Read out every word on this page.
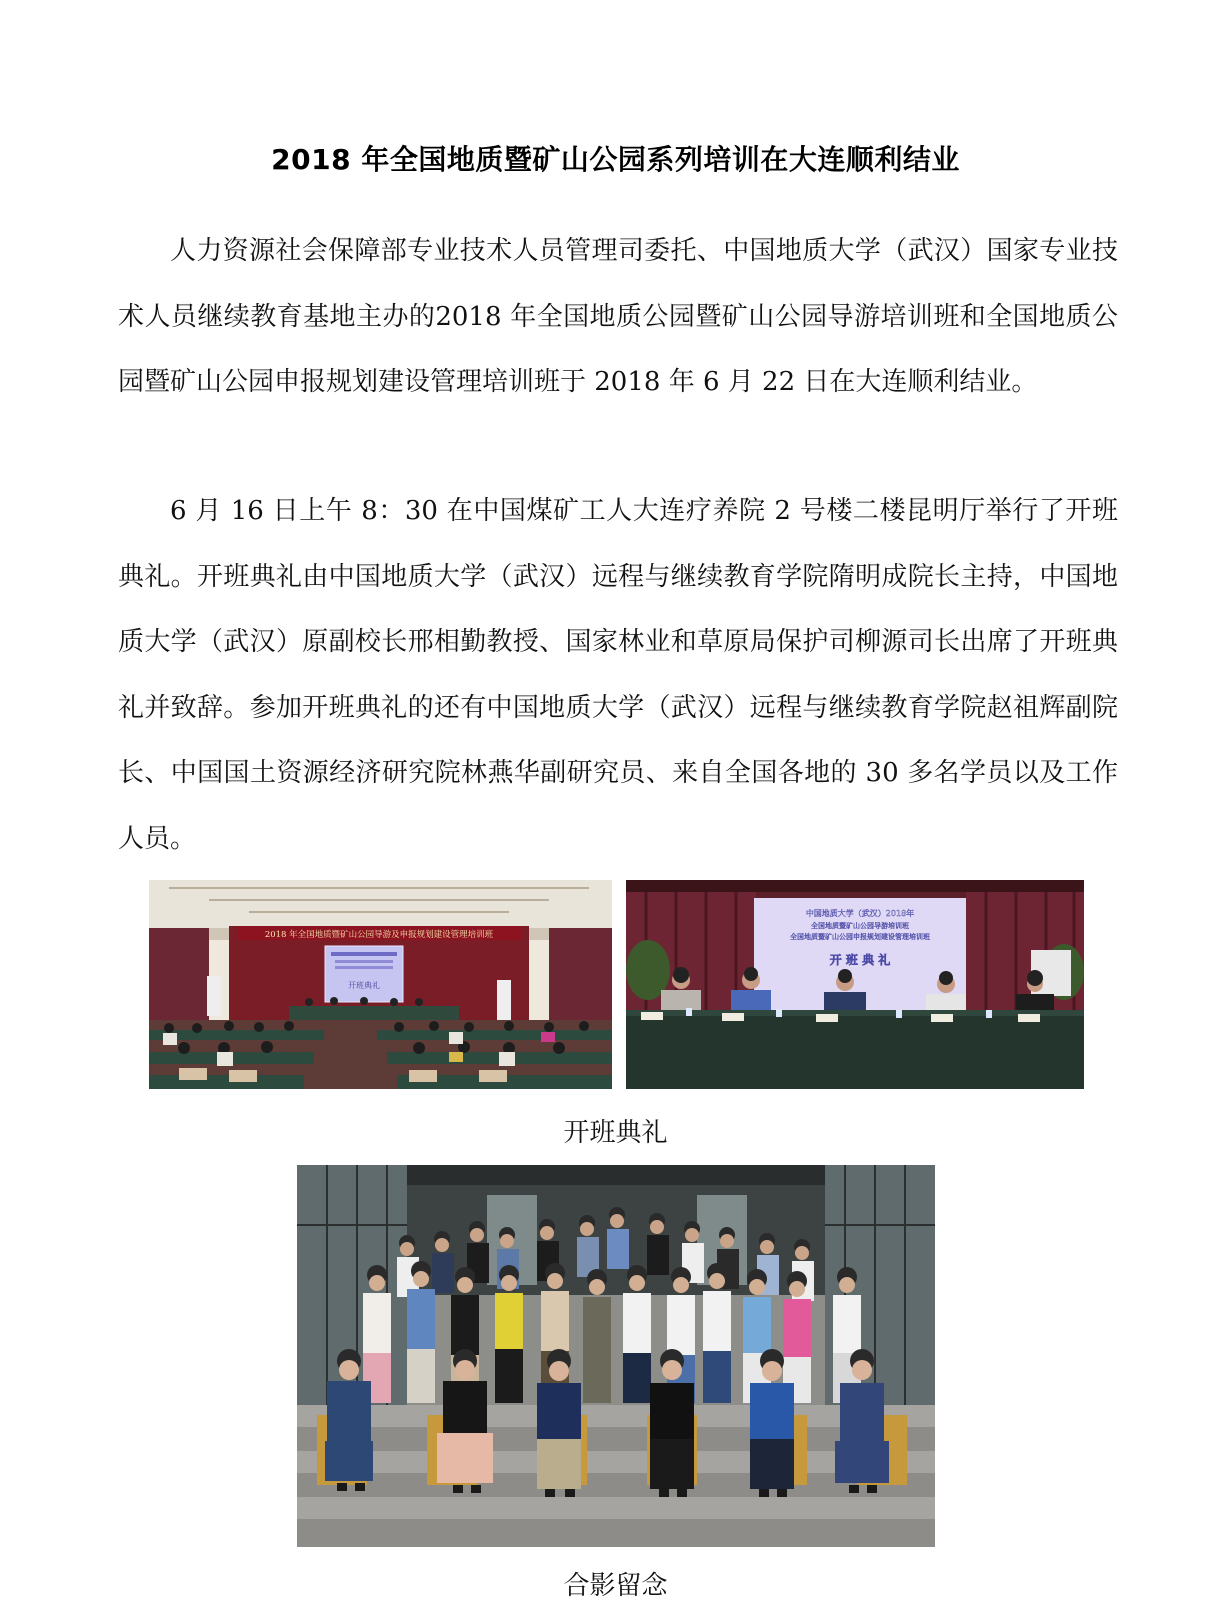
2018 年全国地质暨矿山公园系列培训在大连顺利结业

人力资源社会保障部专业技术人员管理司委托、中国地质大学（武汉）国家专业技术人员继续教育基地主办的2018 年全国地质公园暨矿山公园导游培训班和全国地质公园暨矿山公园申报规划建设管理培训班于 2018 年 6 月 22 日在大连顺利结业。

6 月 16 日上午 8：30 在中国煤矿工人大连疗养院 2 号楼二楼昆明厅举行了开班典礼。开班典礼由中国地质大学（武汉）远程与继续教育学院隋明成院长主持，中国地质大学（武汉）原副校长邢相勤教授、国家林业和草原局保护司柳源司长出席了开班典礼并致辞。参加开班典礼的还有中国地质大学（武汉）远程与继续教育学院赵祖辉副院长、中国国土资源经济研究院林燕华副研究员、来自全国各地的 30 多名学员以及工作人员。

2018 年全国地质暨矿山公园导游及申报规划建设管理培训班
开班典礼
中国地质大学（武汉）2018年
全国地质暨矿山公园导游培训班
全国地质暨矿山公园申报规划建设管理培训班
开 班 典 礼
开班典礼
合影留念
